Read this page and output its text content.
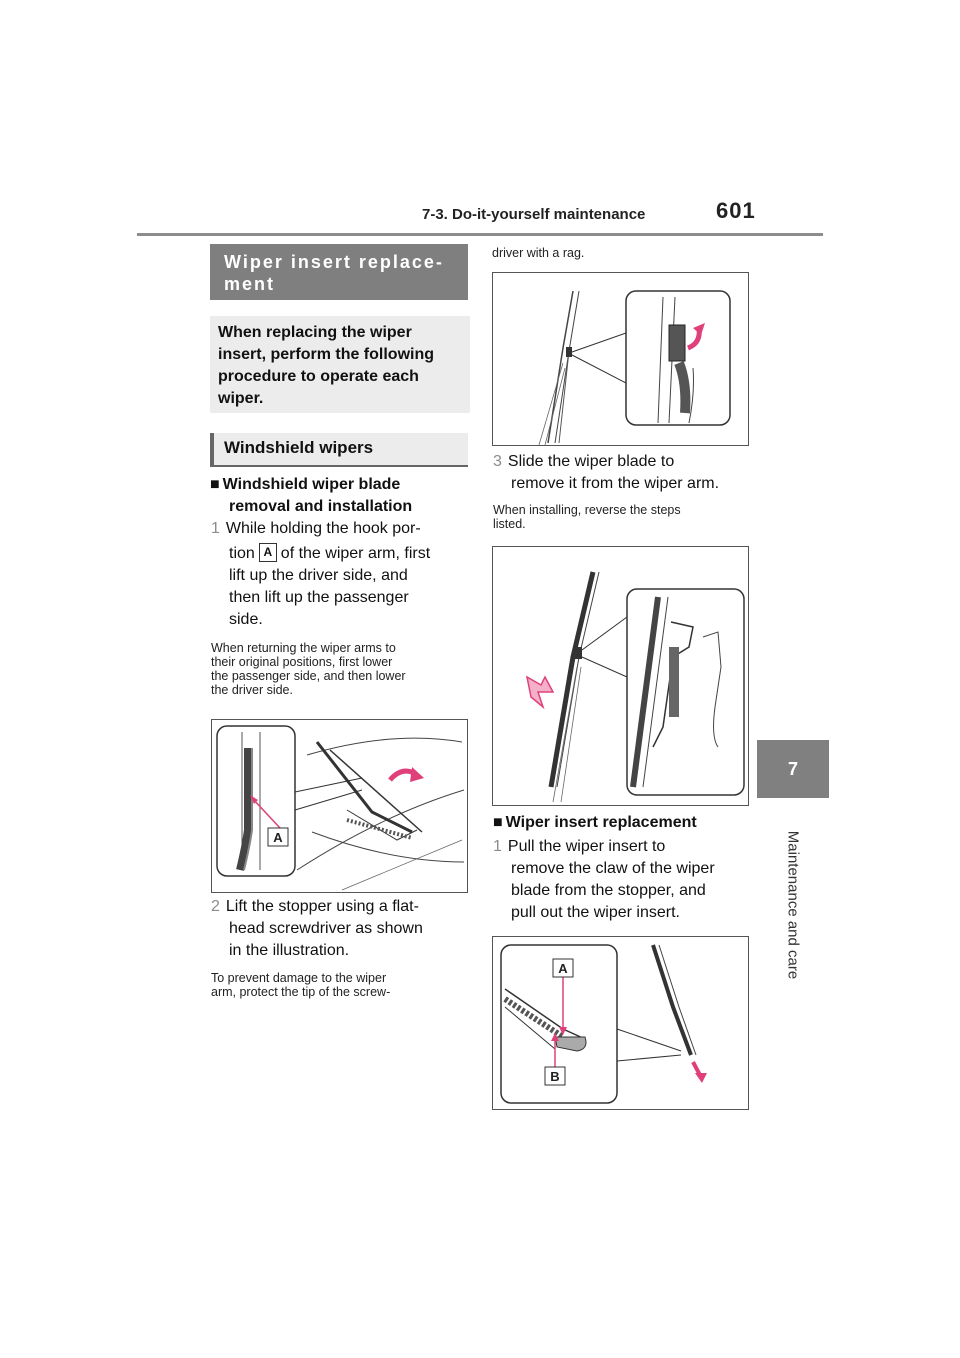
7-3. Do-it-yourself maintenance	601
7
Maintenance and care
Wiper insert replace-
ment
When replacing the wiper
insert, perform the following
procedure to operate each
wiper.
Windshield wipers
■ Windshield wiper blade
removal and installation
1 While holding the hook por-
tion A of the wiper arm, first
lift up the driver side, and
then lift up the passenger
side.
When returning the wiper arms to
their original positions, first lower
the passenger side, and then lower
the driver side.
A
2 Lift the stopper using a flat-
head screwdriver as shown
in the illustration.
To prevent damage to the wiper
arm, protect the tip of the screw-
driver with a rag.
3 Slide the wiper blade to
remove it from the wiper arm.
When installing, reverse the steps
listed.
■ Wiper insert replacement
1 Pull the wiper insert to
remove the claw of the wiper
blade from the stopper, and
pull out the wiper insert.
A
B
